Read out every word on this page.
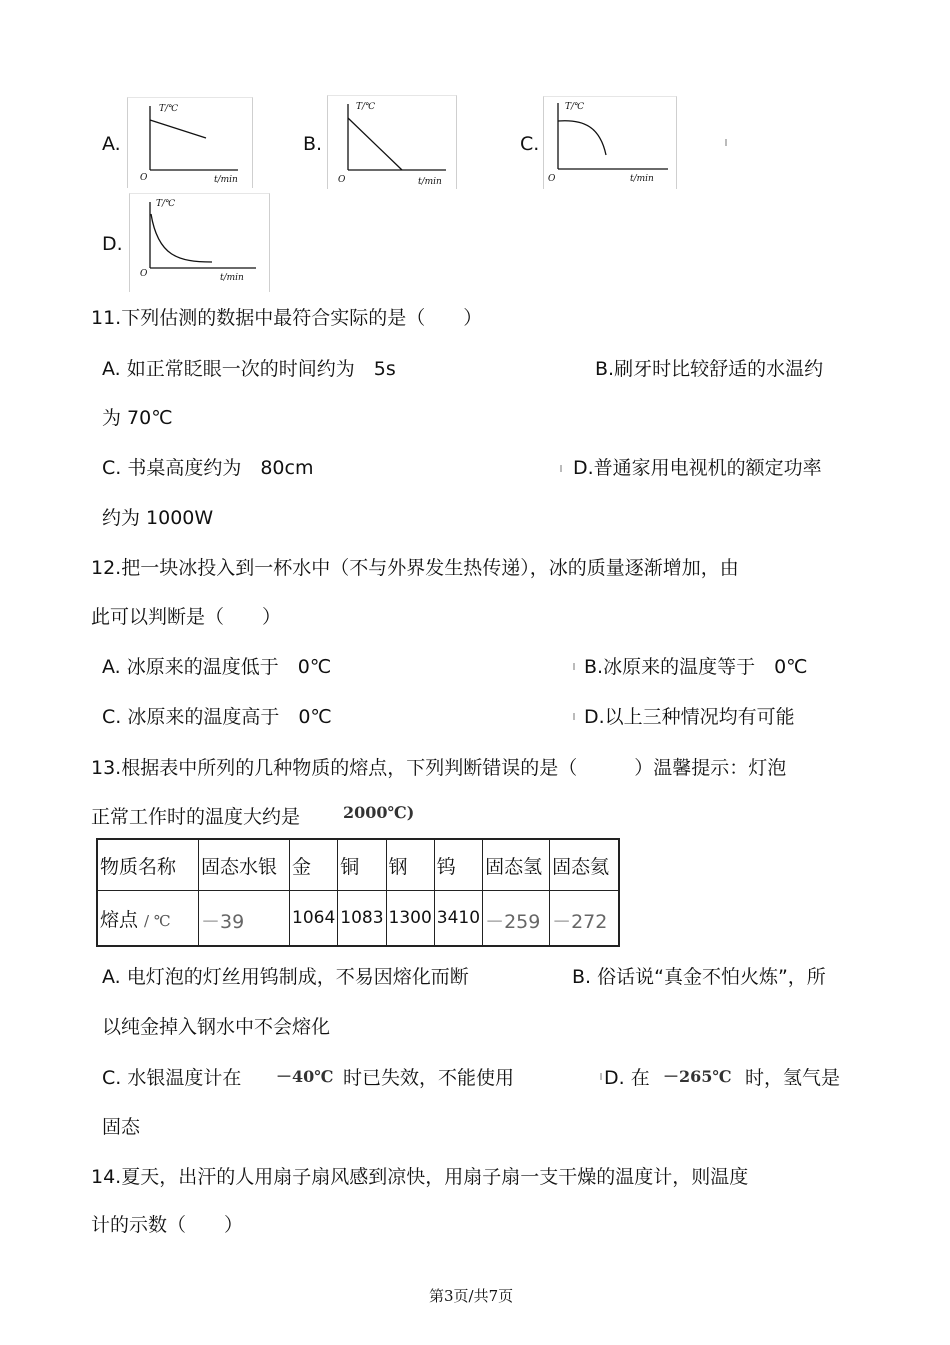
A.
T/℃
t/min
O
B.
T/℃
t/min
O
C.
T/℃
t/min
O
D.
T/℃
t/min
O
11.下列估测的数据中最符合实际的是（　　）
A. 如正常眨眼一次的时间约为　5s	B.刷牙时比较舒适的水温约
为 70℃
C. 书桌高度约为　80cm	D.普通家用电视机的额定功率
约为 1000W
12.把一块冰投入到一杯水中（不与外界发生热传递），冰的质量逐渐增加，由
此可以判断是（　　）
A. 冰原来的温度低于　0℃	B.冰原来的温度等于　0℃
C. 冰原来的温度高于　0℃	D.以上三种情况均有可能
13.根据表中所列的几种物质的熔点，下列判断错误的是（　　　）温馨提示：灯泡
正常工作时的温度大约是	2000℃)
物质名称	固态水银	金	铜	钢	钨	固态氢	固态氦
熔点 / ℃	－39	1064	1083	1300	3410	－259	－272
A. 电灯泡的灯丝用钨制成，不易因熔化而断	B. 俗话说“真金不怕火炼”，所
以纯金掉入钢水中不会熔化
C. 水银温度计在 －40℃ 时已失效，不能使用	D. 在 －265℃ 时，氢气是
固态
14.夏天，出汗的人用扇子扇风感到凉快，用扇子扇一支干燥的温度计，则温度
计的示数（　　）
第3页/共7页
